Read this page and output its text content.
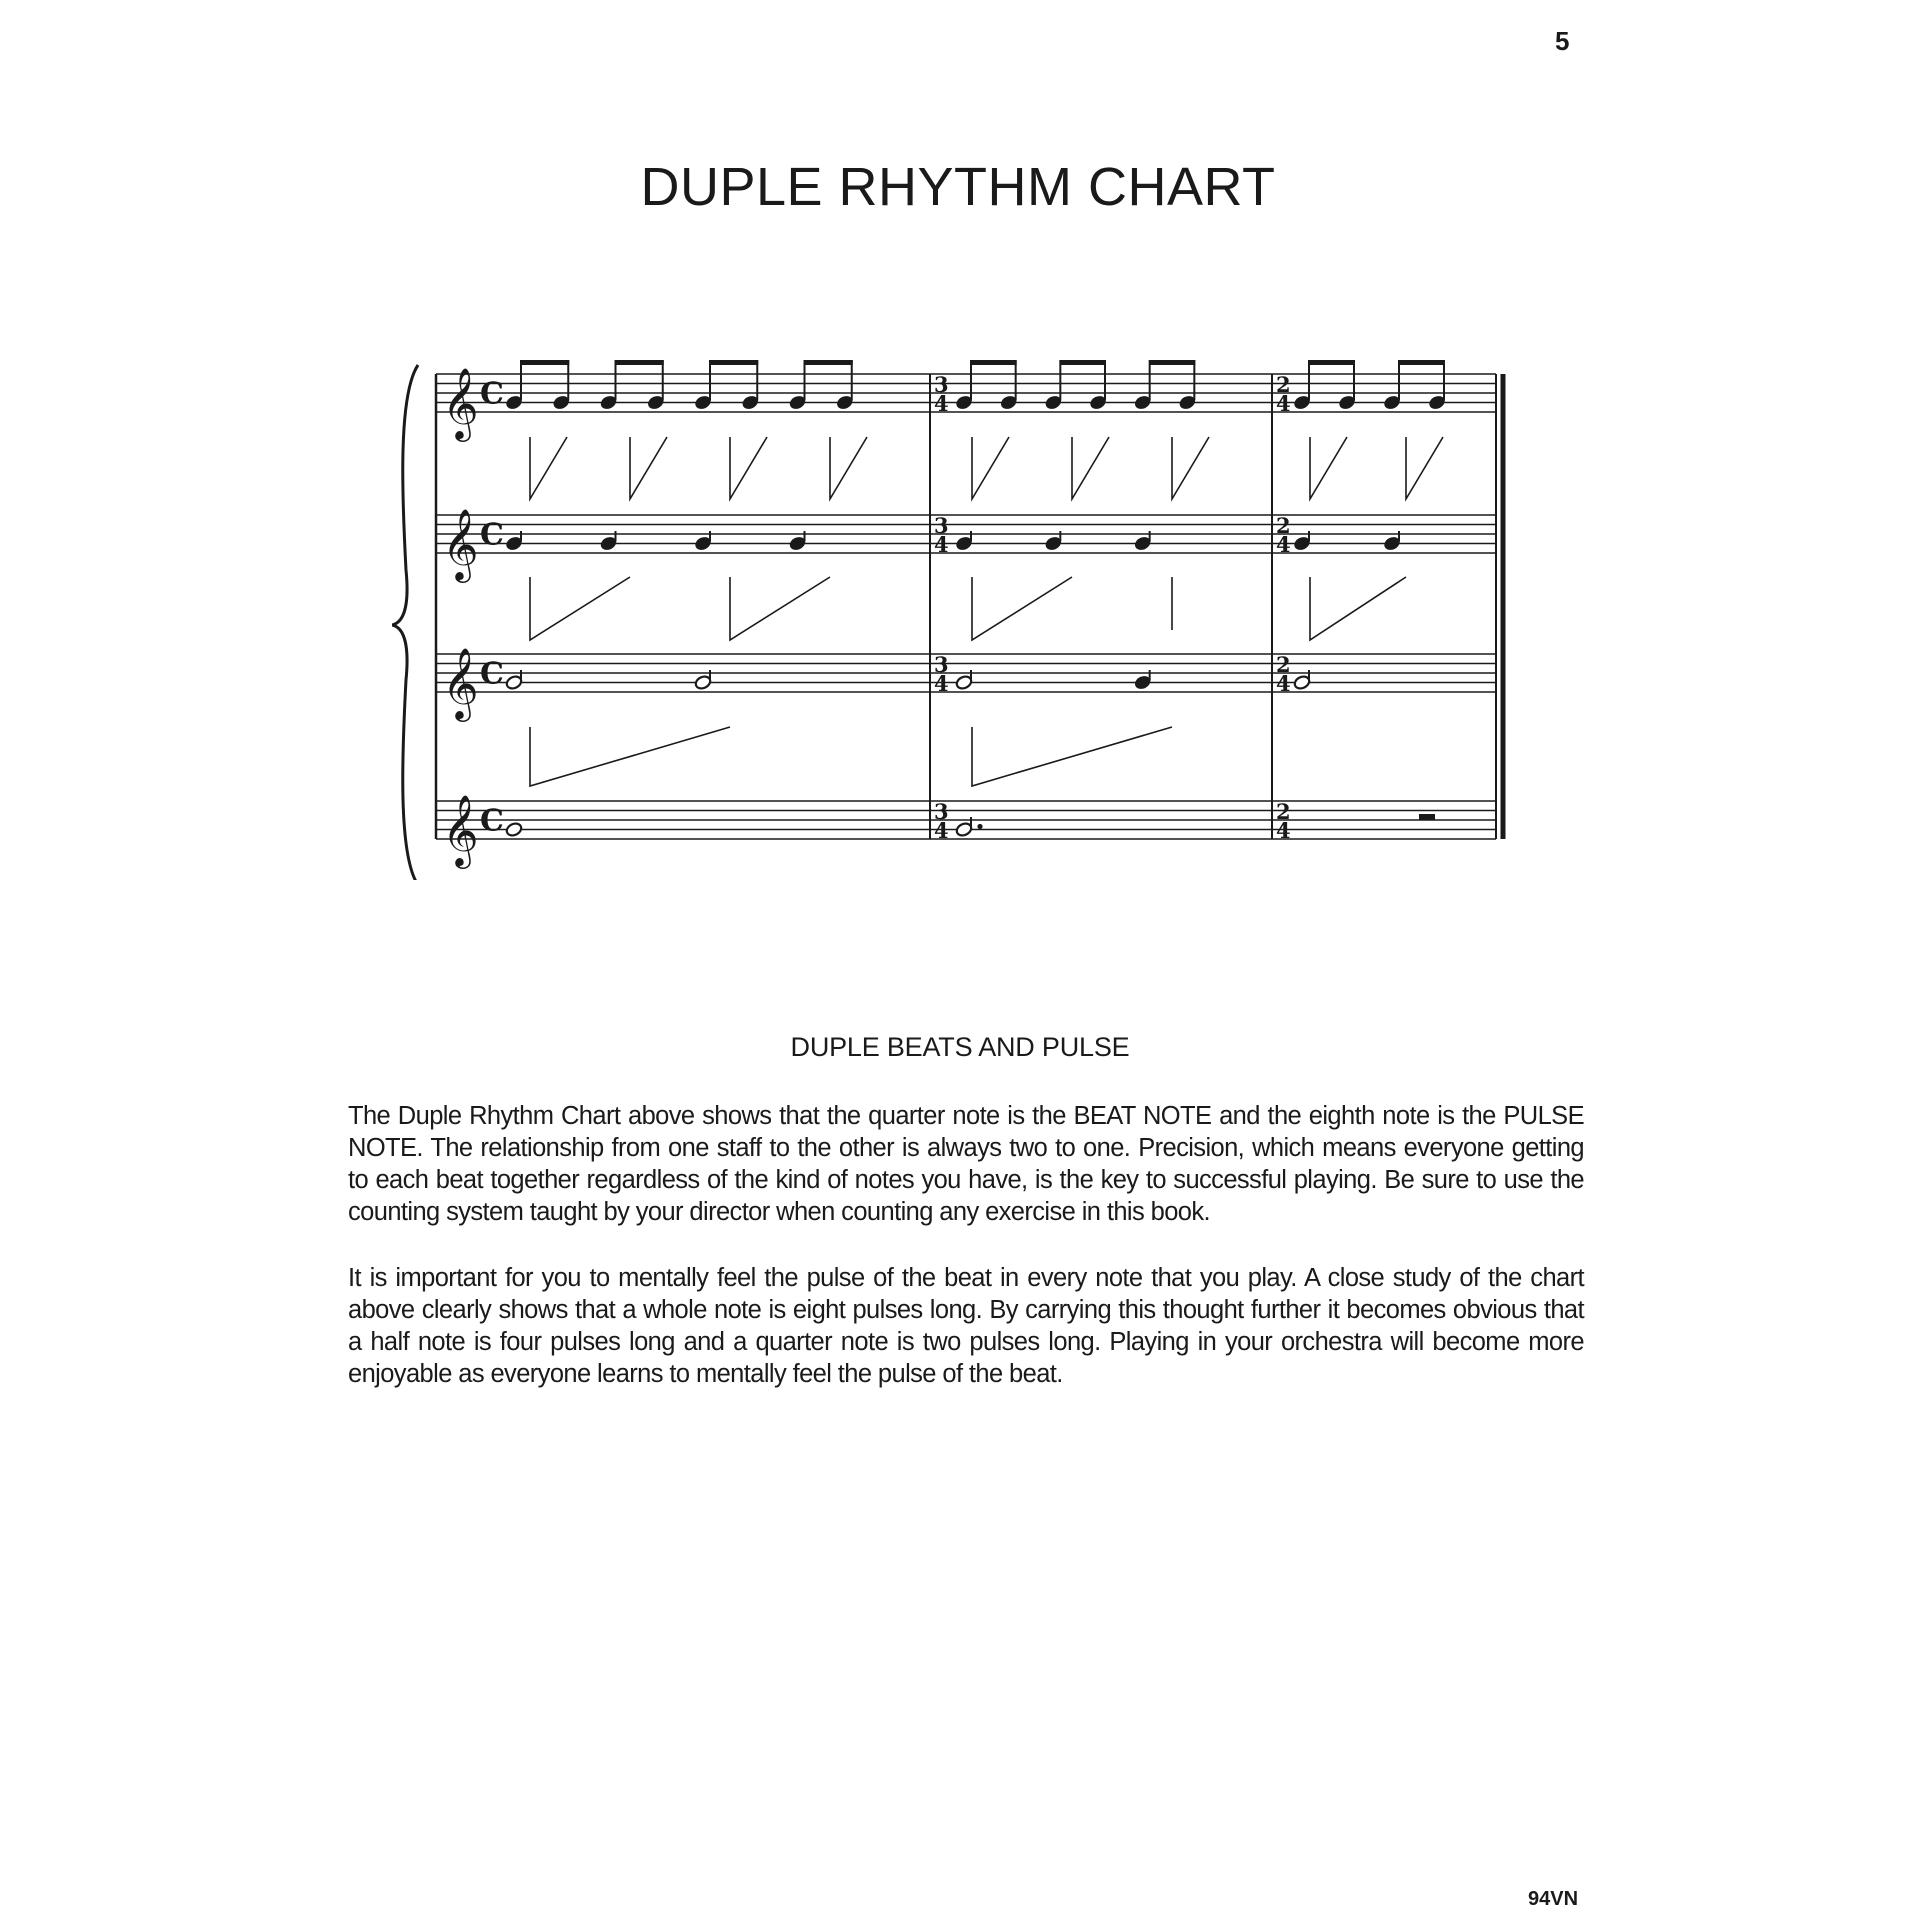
5
DUPLE RHYTHM CHART
𝄞 C	3
4
2
4
𝄞 C	3
4
2
4
𝄞 C	3
4
2
4
𝄞 C	3
4
2
4
DUPLE BEATS AND PULSE

The Duple Rhythm Chart above shows that the quarter note is the BEAT NOTE and the eighth note is the PULSE NOTE. The relationship from one staff to the other is always two to one. Precision, which means everyone getting to each beat together regardless of the kind of notes you have, is the key to successful playing. Be sure to use the counting system taught by your director when counting any exercise in this book.

It is important for you to mentally feel the pulse of the beat in every note that you play. A close study of the chart above clearly shows that a whole note is eight pulses long. By carrying this thought further it becomes obvious that a half note is four pulses long and a quarter note is two pulses long. Playing in your orchestra will become more enjoyable as everyone learns to mentally feel the pulse of the beat.

94VN
